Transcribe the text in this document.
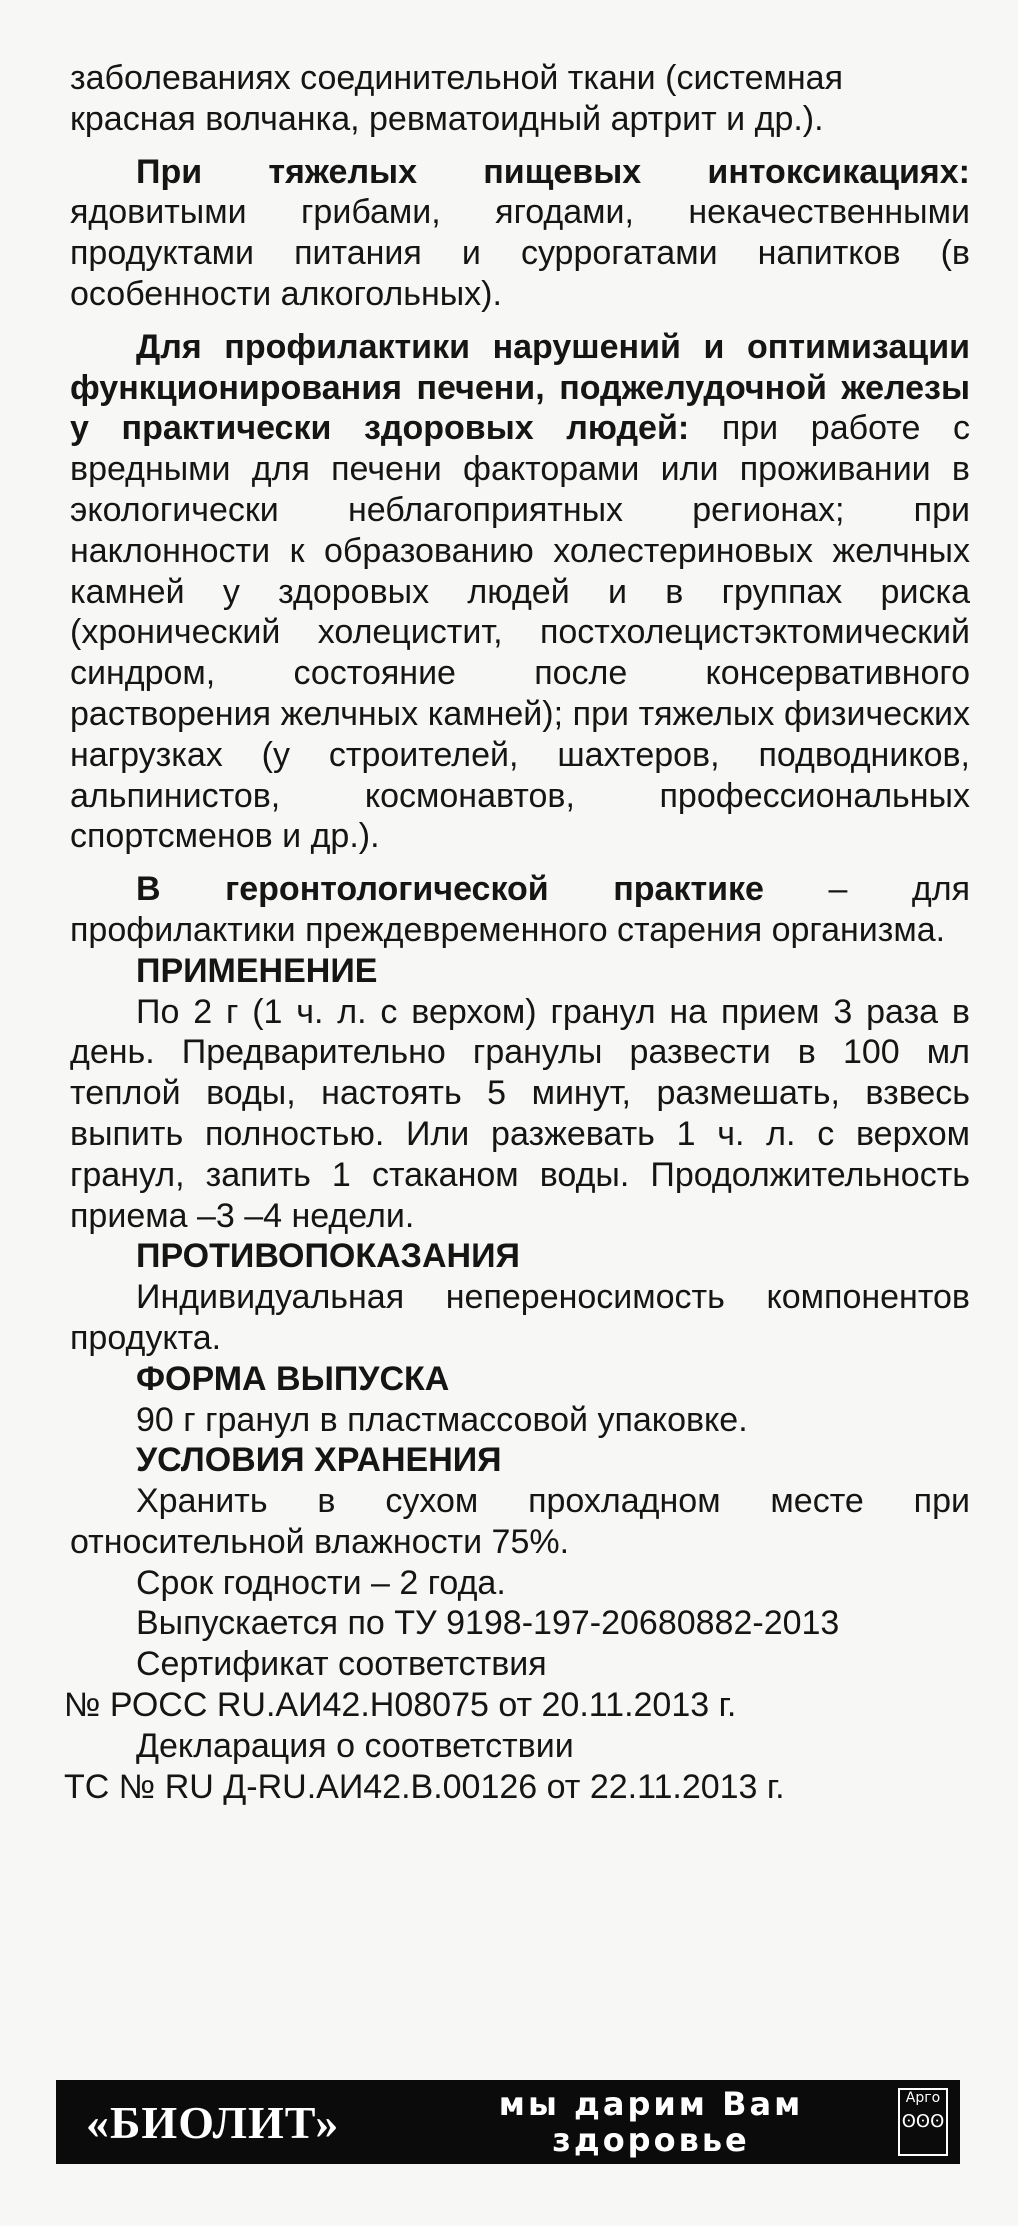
заболеваниях соединительной ткани (системная
красная волчанка, ревматоидный артрит и др.).

При тяжелых пищевых интоксикациях: ядовитыми грибами, ягодами, некачественными продуктами питания и суррогатами напитков (в особенности алкогольных).

Для профилактики нарушений и оптимизации функционирования печени, поджелудочной железы у практически здоровых людей: при работе с вредными для печени факторами или проживании в экологически неблагоприятных регионах; при наклонности к образованию холестериновых желчных камней у здоровых людей и в группах риска (хронический холецистит, постхолецистэктомический синдром, состояние после консервативного растворения желчных камней); при тяжелых физических нагрузках (у строителей, шахтеров, подводников, альпинистов, космонавтов, профессиональных спортсменов и др.).

В геронтологической практике – для профилактики преждевременного старения организма.

ПРИМЕНЕНИЕ

По 2 г (1 ч. л. с верхом) гранул на прием 3 раза в день. Предварительно гранулы развести в 100 мл теплой воды, настоять 5 минут, размешать, взвесь выпить полностью. Или разжевать 1 ч. л. с верхом гранул, запить 1 стаканом воды. Продолжительность приема –3 –4 недели.

ПРОТИВОПОКАЗАНИЯ

Индивидуальная непереносимость компонентов продукта.

ФОРМА ВЫПУСКА

90 г гранул в пластмассовой упаковке.

УСЛОВИЯ ХРАНЕНИЯ

Хранить в сухом прохладном месте при относительной влажности 75%.

Срок годности – 2 года.

Выпускается по ТУ 9198-197-20680882-2013

Сертификат соответствия

№ РОСС RU.АИ42.Н08075 от 20.11.2013 г.

Декларация о соответствии

ТС № RU Д-RU.АИ42.В.00126 от 22.11.2013 г.

«БИОЛИТ»	мы дарим Вам
здоровье
Арго
ʘʘʘ
